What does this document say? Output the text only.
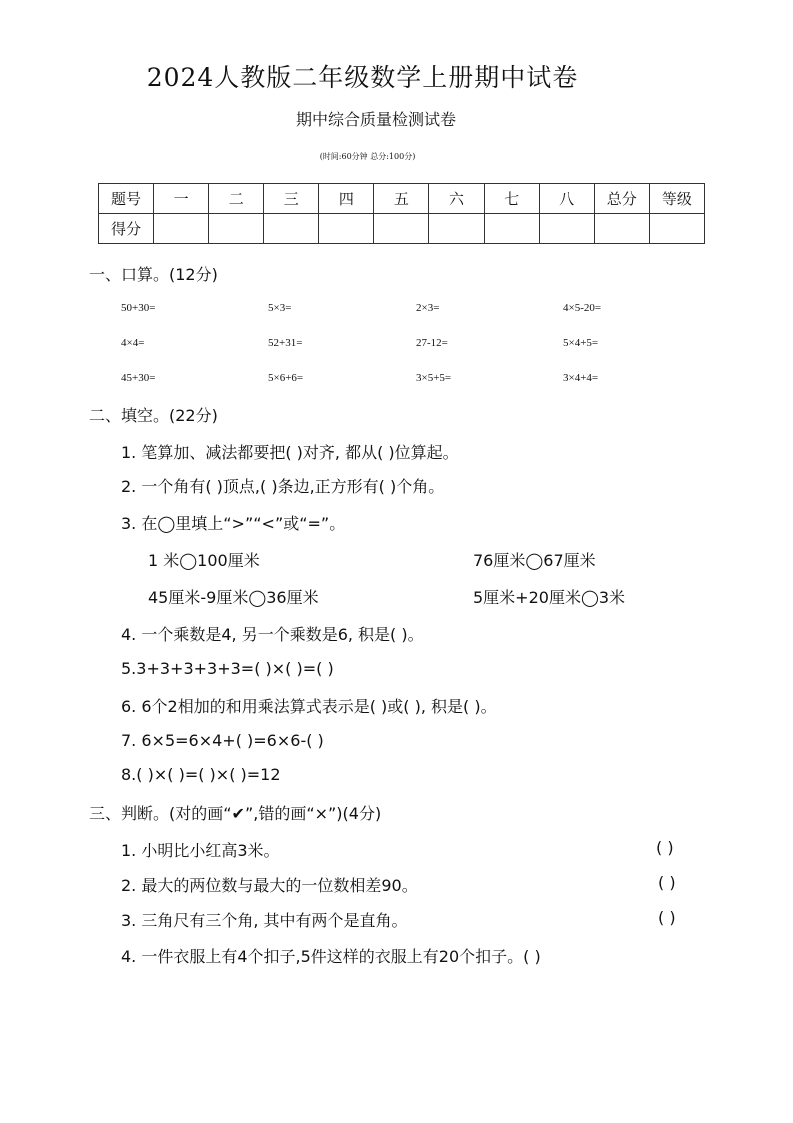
2024人教版二年级数学上册期中试卷
期中综合质量检测试卷
(时间:60分钟 总分:100分)
题号	一	二	三	四	五	六	七	八	总分	等级
得分										
一、口算。(12分)
50+30=	5×3=	2×3=	4×5-20=
4×4=	52+31=	27-12=	5×4+5=
45+30=	5×6+6=	3×5+5=	3×4+4=
二、填空。(22分)
1. 笔算加、减法都要把( )对齐, 都从( )位算起。
2. 一个角有( )顶点,( )条边,正方形有( )个角。
3. 在◯里填上“>”“<”或“=”。
1 米◯100厘米	76厘米◯67厘米
45厘米-9厘米◯36厘米	5厘米+20厘米◯3米
4. 一个乘数是4, 另一个乘数是6, 积是( )。
5.3+3+3+3+3=( )×( )=( )
6. 6个2相加的和用乘法算式表示是( )或( ), 积是( )。
7. 6×5=6×4+( )=6×6-( )
8.( )×( )=( )×( )=12
三、判断。(对的画“✔”,错的画“×”)(4分)
1. 小明比小红高3米。	( )
2. 最大的两位数与最大的一位数相差90。	( )
3. 三角尺有三个角, 其中有两个是直角。	( )
4. 一件衣服上有4个扣子,5件这样的衣服上有20个扣子。( )
